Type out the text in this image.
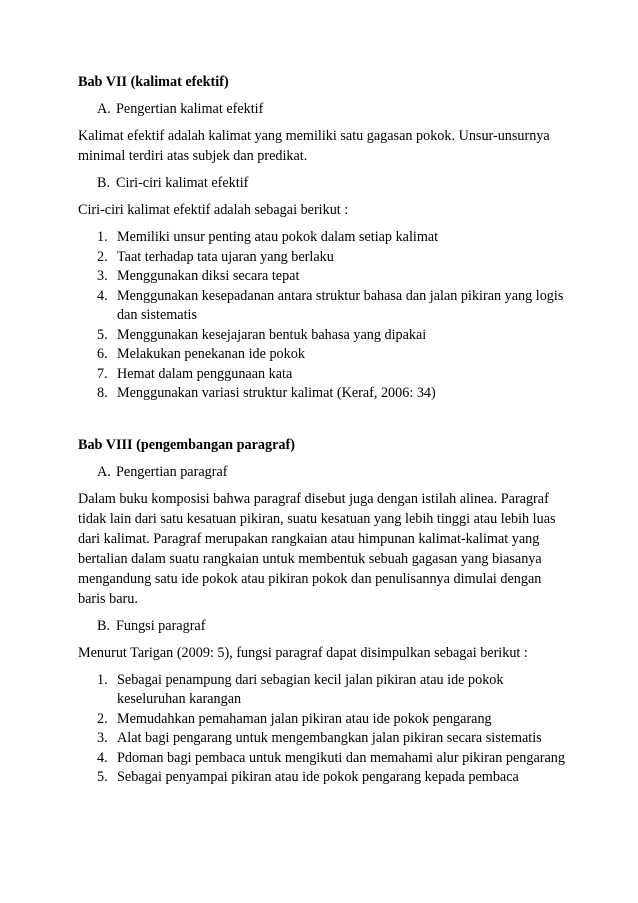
Bab VII (kalimat efektif)
A. Pengertian kalimat efektif
Kalimat efektif adalah kalimat yang memiliki satu gagasan pokok. Unsur-unsurnya minimal terdiri atas subjek dan predikat.
B. Ciri-ciri kalimat efektif
Ciri-ciri kalimat efektif adalah sebagai berikut :
1. Memiliki unsur penting atau pokok dalam setiap kalimat
2. Taat terhadap tata ujaran yang berlaku
3. Menggunakan diksi secara tepat
4. Menggunakan kesepadanan antara struktur bahasa dan jalan pikiran yang logis dan sistematis
5. Menggunakan kesejajaran bentuk bahasa yang dipakai
6. Melakukan penekanan ide pokok
7. Hemat dalam penggunaan kata
8. Menggunakan variasi struktur kalimat (Keraf, 2006: 34)
Bab VIII (pengembangan paragraf)
A. Pengertian paragraf
Dalam buku komposisi bahwa paragraf disebut juga dengan istilah alinea. Paragraf tidak lain dari satu kesatuan pikiran, suatu kesatuan yang lebih tinggi atau lebih luas dari kalimat. Paragraf merupakan rangkaian atau himpunan kalimat-kalimat yang bertalian dalam suatu rangkaian untuk membentuk sebuah gagasan yang biasanya mengandung satu ide pokok atau pikiran pokok dan penulisannya dimulai dengan baris baru.
B. Fungsi paragraf
Menurut Tarigan (2009: 5), fungsi paragraf dapat disimpulkan sebagai berikut :
1. Sebagai penampung dari sebagian kecil jalan pikiran atau ide pokok keseluruhan karangan
2. Memudahkan pemahaman jalan pikiran atau ide pokok pengarang
3. Alat bagi pengarang untuk mengembangkan jalan pikiran secara sistematis
4. Pdoman bagi pembaca untuk mengikuti dan memahami alur pikiran pengarang
5. Sebagai penyampai pikiran atau ide pokok pengarang kepada pembaca
